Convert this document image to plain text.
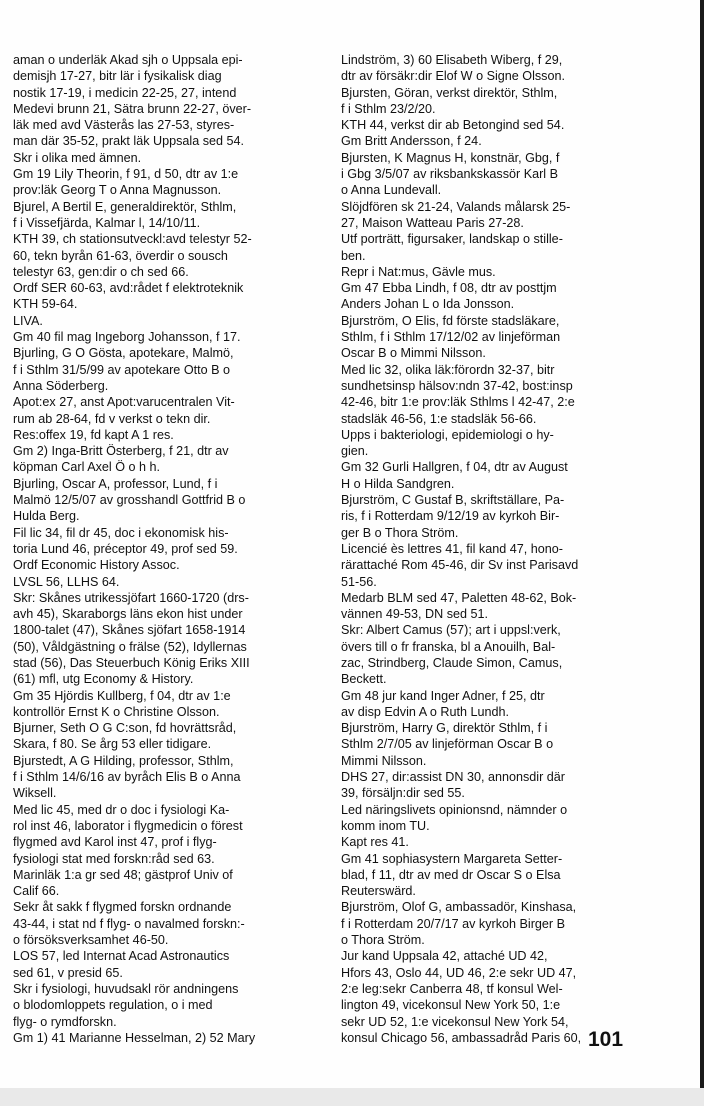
aman o underläk Akad sjh o Uppsala epi-
demisjh 17-27, bitr lär i fysikalisk diag
nostik 17-19, i medicin 22-25, 27, intend
Medevi brunn 21, Sätra brunn 22-27, över-
läk med avd Västerås las 27-53, styres-
man där 35-52, prakt läk Uppsala sed 54.
Skr i olika med ämnen.
Gm 19 Lily Theorin, f 91, d 50, dtr av 1:e
prov:läk Georg T o Anna Magnusson.
Bjurel, A Bertil E, generaldirektör, Sthlm,
f i Vissefjärda, Kalmar l, 14/10/11.
KTH 39, ch stationsutveckl:avd telestyr 52-
60, tekn byrån 61-63, överdir o sousch
telestyr 63, gen:dir o ch sed 66.
Ordf SER 60-63, avd:rådet f elektroteknik
KTH 59-64.
LIVA.
Gm 40 fil mag Ingeborg Johansson, f 17.
Bjurling, G O Gösta, apotekare, Malmö,
f i Sthlm 31/5/99 av apotekare Otto B o
Anna Söderberg.
Apot:ex 27, anst Apot:varucentralen Vit-
rum ab 28-64, fd v verkst o tekn dir.
Res:offex 19, fd kapt A 1 res.
Gm 2) Inga-Britt Österberg, f 21, dtr av
köpman Carl Axel Ö o h h.
Bjurling, Oscar A, professor, Lund, f i
Malmö 12/5/07 av grosshandl Gottfrid B o
Hulda Berg.
Fil lic 34, fil dr 45, doc i ekonomisk his-
toria Lund 46, préceptor 49, prof sed 59.
Ordf Economic History Assoc.
LVSL 56, LLHS 64.
Skr: Skånes utrikessjöfart 1660-1720 (drs-
avh 45), Skaraborgs läns ekon hist under
1800-talet (47), Skånes sjöfart 1658-1914
(50), Våldgästning o frälse (52), Idyllernas
stad (56), Das Steuerbuch König Eriks XIII
(61) mfl, utg Economy & History.
Gm 35 Hjördis Kullberg, f 04, dtr av 1:e
kontrollör Ernst K o Christine Olsson.
Bjurner, Seth O G C:son, fd hovrättsråd,
Skara, f 80. Se årg 53 eller tidigare.
Bjurstedt, A G Hilding, professor, Sthlm,
f i Sthlm 14/6/16 av byråch Elis B o Anna
Wiksell.
Med lic 45, med dr o doc i fysiologi Ka-
rol inst 46, laborator i flygmedicin o förest
flygmed avd Karol inst 47, prof i flyg-
fysiologi stat med forskn:råd sed 63.
Marinläk 1:a gr sed 48; gästprof Univ of
Calif 66.
Sekr åt sakk f flygmed forskn ordnande
43-44, i stat nd f flyg- o navalmed forskn:-
o försöksverksamhet 46-50.
LOS 57, led Internat Acad Astronautics
sed 61, v presid 65.
Skr i fysiologi, huvudsakl rör andningens
o blodomloppets regulation, o i med
flyg- o rymdforskn.
Gm 1) 41 Marianne Hesselman, 2) 52 Mary
Lindström, 3) 60 Elisabeth Wiberg, f 29,
dtr av försäkr:dir Elof W o Signe Olsson.
Bjursten, Göran, verkst direktör, Sthlm,
f i Sthlm 23/2/20.
KTH 44, verkst dir ab Betongind sed 54.
Gm Britt Andersson, f 24.
Bjursten, K Magnus H, konstnär, Gbg, f
i Gbg 3/5/07 av riksbankskassör Karl B
o Anna Lundevall.
Slöjdfören sk 21-24, Valands målarsk 25-
27, Maison Watteau Paris 27-28.
Utf porträtt, figursaker, landskap o stille-
ben.
Repr i Nat:mus, Gävle mus.
Gm 47 Ebba Lindh, f 08, dtr av posttjm
Anders Johan L o Ida Jonsson.
Bjurström, O Elis, fd förste stadsläkare,
Sthlm, f i Sthlm 17/12/02 av linjeförman
Oscar B o Mimmi Nilsson.
Med lic 32, olika läk:förordn 32-37, bitr
sundhetsinsp hälsov:ndn 37-42, bost:insp
42-46, bitr 1:e prov:läk Sthlms l 42-47, 2:e
stadsläk 46-56, 1:e stadsläk 56-66.
Upps i bakteriologi, epidemiologi o hy-
gien.
Gm 32 Gurli Hallgren, f 04, dtr av August
H o Hilda Sandgren.
Bjurström, C Gustaf B, skriftställare, Pa-
ris, f i Rotterdam 9/12/19 av kyrkoh Bir-
ger B o Thora Ström.
Licencié ès lettres 41, fil kand 47, hono-
rärattaché Rom 45-46, dir Sv inst Parisavd
51-56.
Medarb BLM sed 47, Paletten 48-62, Bok-
vännen 49-53, DN sed 51.
Skr: Albert Camus (57); art i uppsl:verk,
övers till o fr franska, bl a Anouilh, Bal-
zac, Strindberg, Claude Simon, Camus,
Beckett.
Gm 48 jur kand Inger Adner, f 25, dtr
av disp Edvin A o Ruth Lundh.
Bjurström, Harry G, direktör Sthlm, f i
Sthlm 2/7/05 av linjeförman Oscar B o
Mimmi Nilsson.
DHS 27, dir:assist DN 30, annonsdir där
39, försäljn:dir sed 55.
Led näringslivets opinionsnd, nämnder o
komm inom TU.
Kapt res 41.
Gm 41 sophiasystern Margareta Setter-
blad, f 11, dtr av med dr Oscar S o Elsa
Reuterswärd.
Bjurström, Olof G, ambassadör, Kinshasa,
f i Rotterdam 20/7/17 av kyrkoh Birger B
o Thora Ström.
Jur kand Uppsala 42, attaché UD 42,
Hfors 43, Oslo 44, UD 46, 2:e sekr UD 47,
2:e leg:sekr Canberra 48, tf konsul Wel-
lington 49, vicekonsul New York 50, 1:e
sekr UD 52, 1:e vicekonsul New York 54,
konsul Chicago 56, ambassadråd Paris 60, 101
